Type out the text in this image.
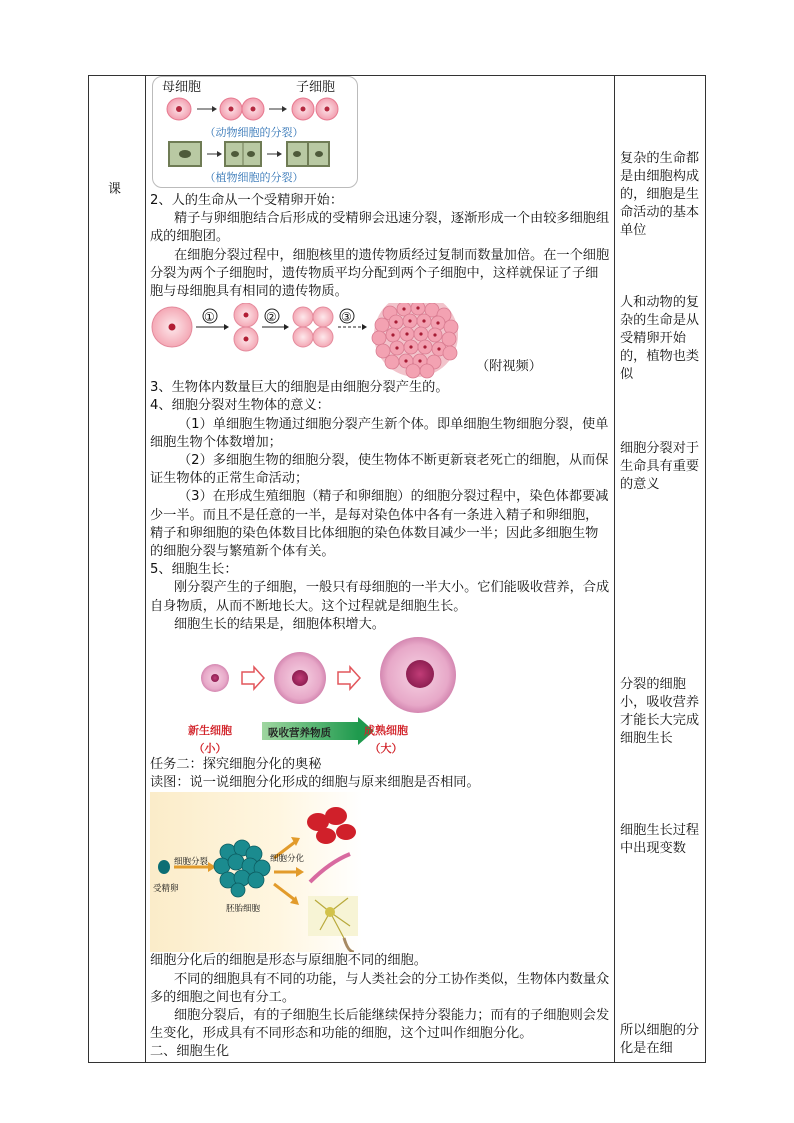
课
母细胞	子细胞
（动物细胞的分裂）
（植物细胞的分裂）

2、人的生命从一个受精卵开始：

精子与卵细胞结合后形成的受精卵会迅速分裂，逐渐形成一个由较多细胞组成的细胞团。

在细胞分裂过程中，细胞核里的遗传物质经过复制而数量加倍。在一个细胞分裂为两个子细胞时，遗传物质平均分配到两个子细胞中，这样就保证了子细胞与母细胞具有相同的遗传物质。

①	②	③
（附视频）

3、生物体内数量巨大的细胞是由细胞分裂产生的。

4、细胞分裂对生物体的意义：

（1）单细胞生物通过细胞分裂产生新个体。即单细胞生物细胞分裂，使单细胞生物个体数增加；

（2）多细胞生物的细胞分裂，使生物体不断更新衰老死亡的细胞，从而保证生物体的正常生命活动；

（3）在形成生殖细胞（精子和卵细胞）的细胞分裂过程中，染色体都要减少一半。而且不是任意的一半，是每对染色体中各有一条进入精子和卵细胞，精子和卵细胞的染色体数目比体细胞的染色体数目减少一半；因此多细胞生物的细胞分裂与繁殖新个体有关。

5、细胞生长：

刚分裂产生的子细胞，一般只有母细胞的一半大小。它们能吸收营养，合成自身物质，从而不断地长大。这个过程就是细胞生长。

细胞生长的结果是，细胞体积增大。

吸收营养物质
新生细胞
（小）
成熟细胞
（大）

任务二：探究细胞分化的奥秘

读图：说一说细胞分化形成的细胞与原来细胞是否相同。

细胞分裂	细胞分化
受精卵
胚胎细胞

细胞分化后的细胞是形态与原细胞不同的细胞。

不同的细胞具有不同的功能，与人类社会的分工协作类似，生物体内数量众多的细胞之间也有分工。

细胞分裂后，有的子细胞生长后能继续保持分裂能力；而有的子细胞则会发生变化，形成具有不同形态和功能的细胞，这个过叫作细胞分化。

二、细胞生化

复杂的生命都是由细胞构成的，细胞是生命活动的基本单位
人和动物的复杂的生命是从受精卵开始的，植物也类似
细胞分裂对于生命具有重要的意义
分裂的细胞小，吸收营养才能长大完成细胞生长
细胞生长过程中出现变数
所以细胞的分化是在细
